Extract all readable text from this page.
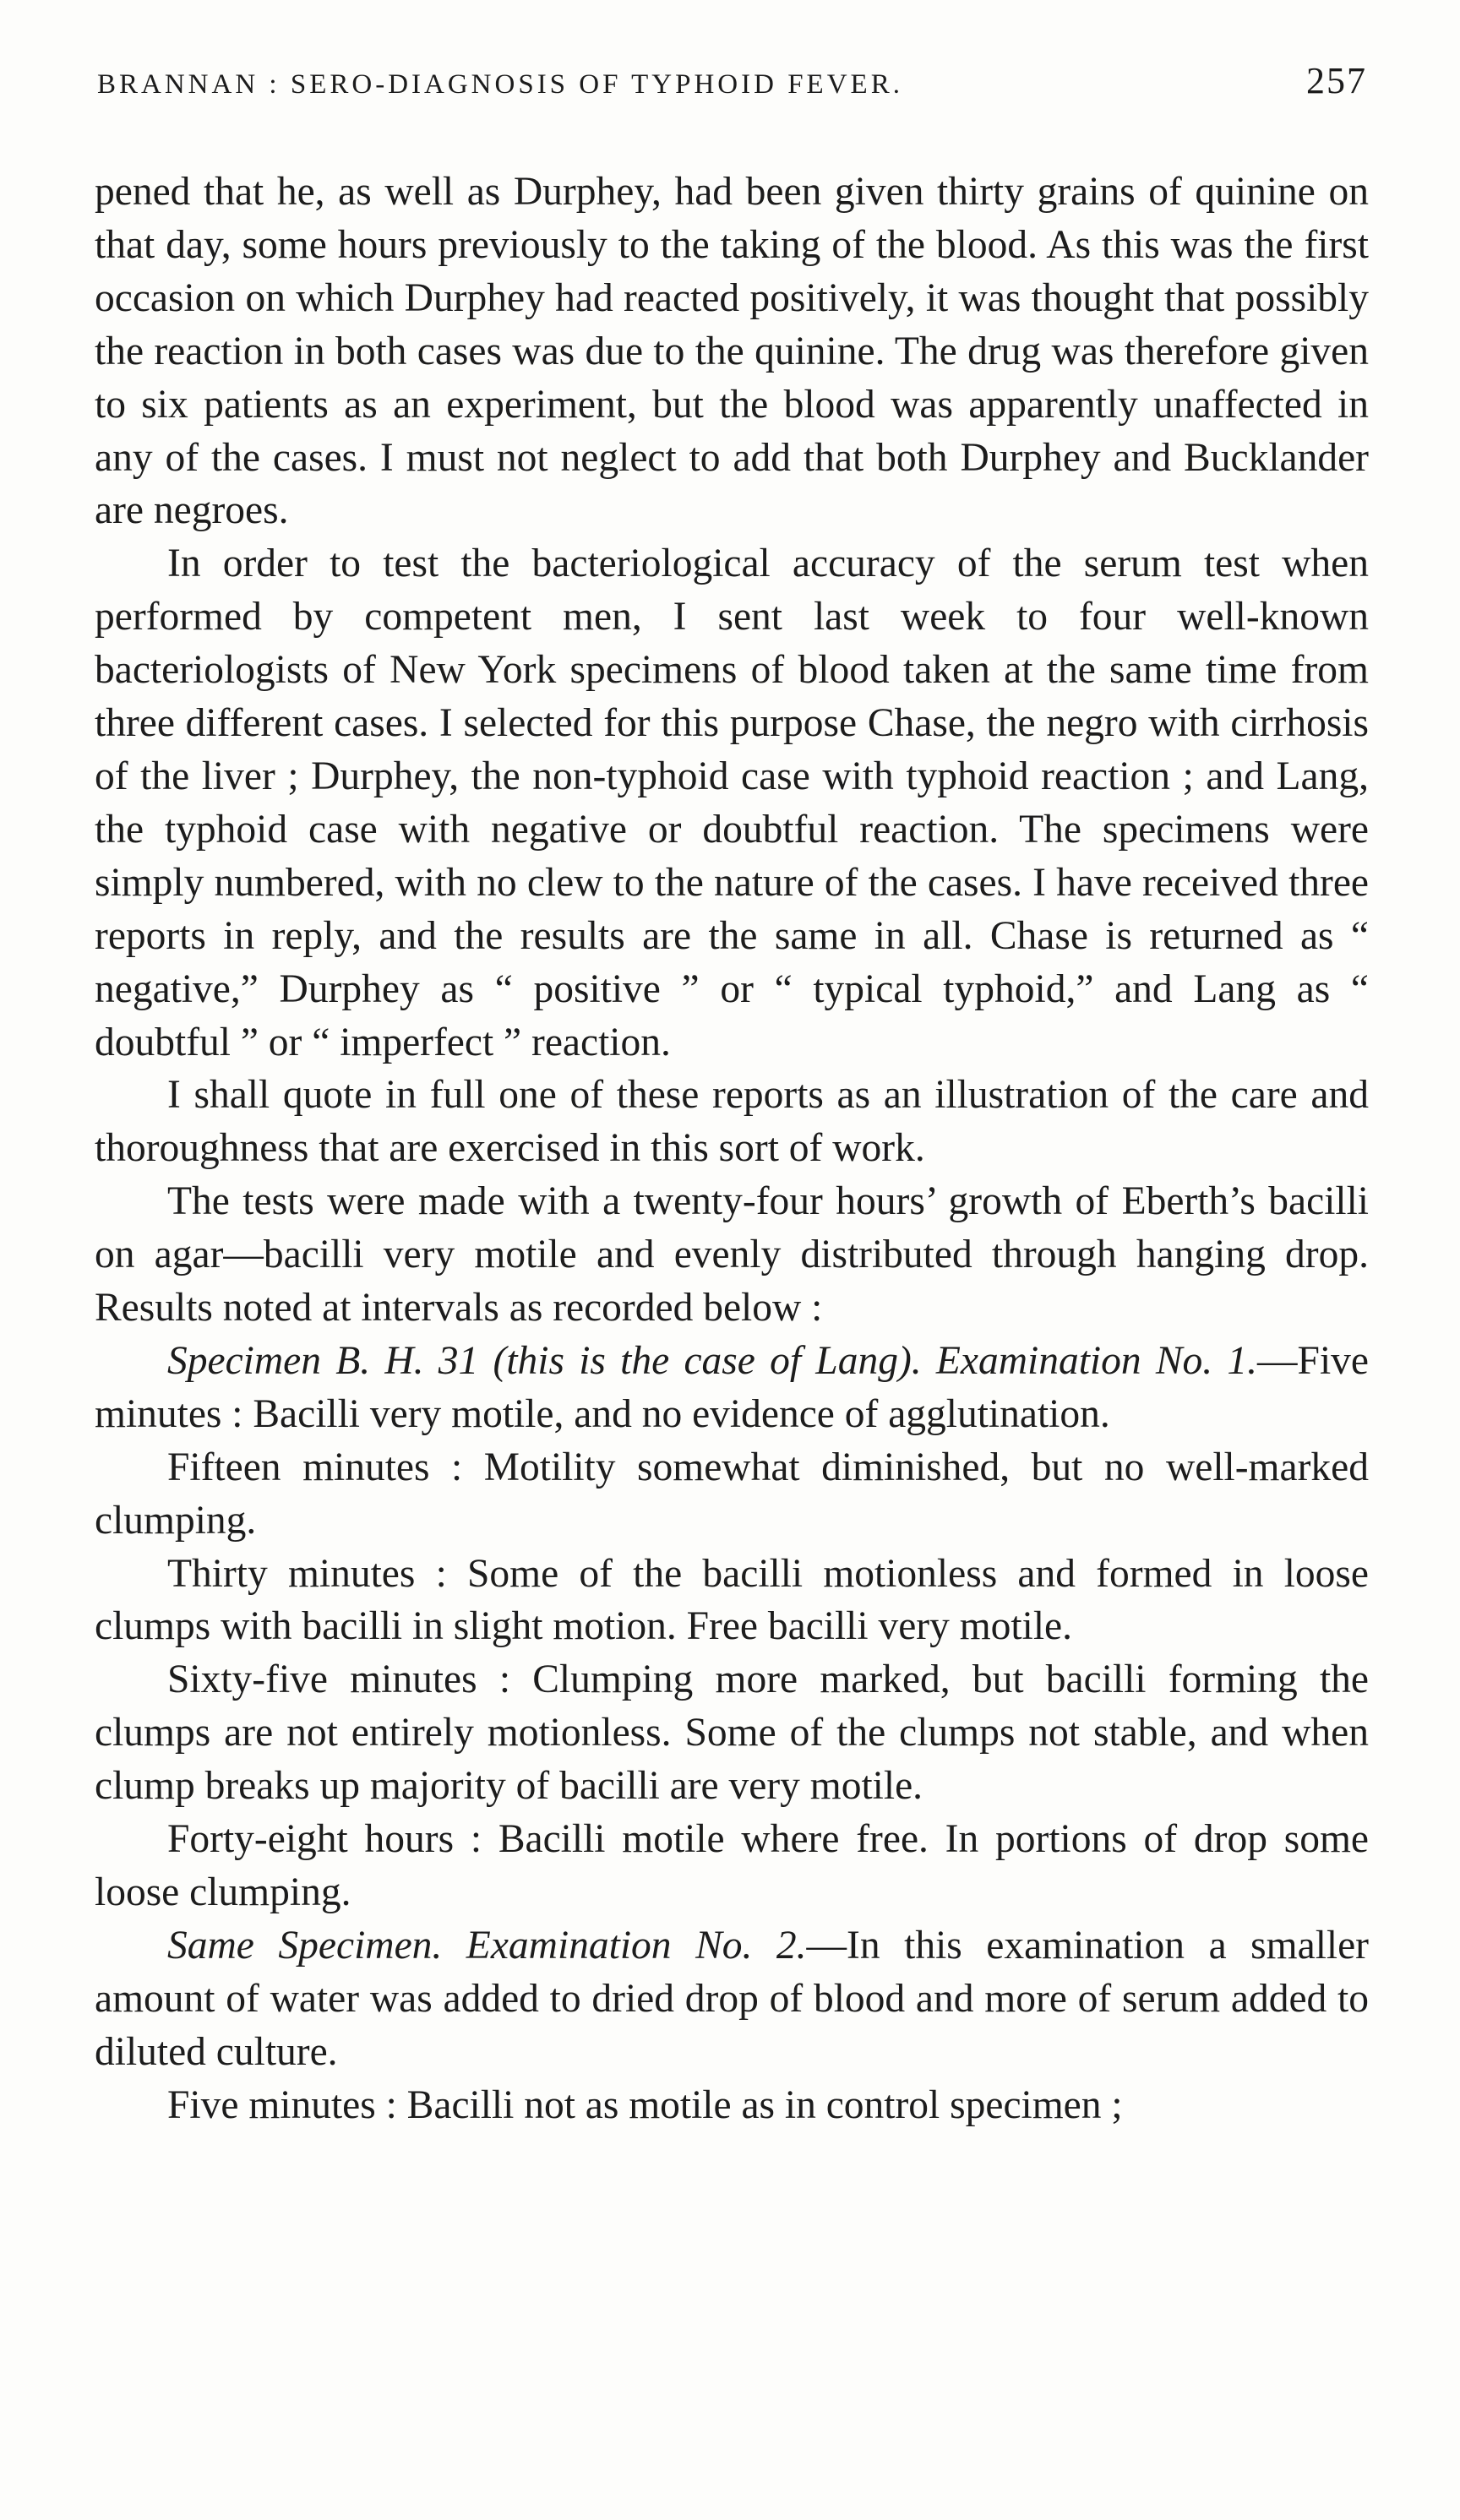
BRANNAN : SERO-DIAGNOSIS OF TYPHOID FEVER.	257

pened that he, as well as Durphey, had been given thirty grains of quinine on that day, some hours previously to the taking of the blood. As this was the first occasion on which Durphey had reacted positively, it was thought that possibly the reaction in both cases was due to the quinine. The drug was therefore given to six patients as an experiment, but the blood was apparently unaffected in any of the cases. I must not neglect to add that both Durphey and Bucklander are negroes.

In order to test the bacteriological accuracy of the serum test when performed by competent men, I sent last week to four well-known bacteriologists of New York specimens of blood taken at the same time from three different cases. I selected for this purpose Chase, the negro with cirrhosis of the liver ; Durphey, the non-typhoid case with typhoid reaction ; and Lang, the typhoid case with negative or doubtful reaction. The specimens were simply numbered, with no clew to the nature of the cases. I have received three reports in reply, and the results are the same in all. Chase is returned as “ negative,” Durphey as “ positive ” or “ typical typhoid,” and Lang as “ doubtful ” or “ imperfect ” reaction.

I shall quote in full one of these reports as an illustration of the care and thoroughness that are exercised in this sort of work.

The tests were made with a twenty-four hours’ growth of Eberth’s bacilli on agar—bacilli very motile and evenly distributed through hanging drop. Results noted at intervals as recorded below :

Specimen B. H. 31 (this is the case of Lang). Examination No. 1.—Five minutes : Bacilli very motile, and no evidence of agglutination.

Fifteen minutes : Motility somewhat diminished, but no well-marked clumping.

Thirty minutes : Some of the bacilli motionless and formed in loose clumps with bacilli in slight motion. Free bacilli very motile.

Sixty-five minutes : Clumping more marked, but bacilli forming the clumps are not entirely motionless. Some of the clumps not stable, and when clump breaks up majority of bacilli are very motile.

Forty-eight hours : Bacilli motile where free. In portions of drop some loose clumping.

Same Specimen. Examination No. 2.—In this examination a smaller amount of water was added to dried drop of blood and more of serum added to diluted culture.

Five minutes : Bacilli not as motile as in control specimen ;
